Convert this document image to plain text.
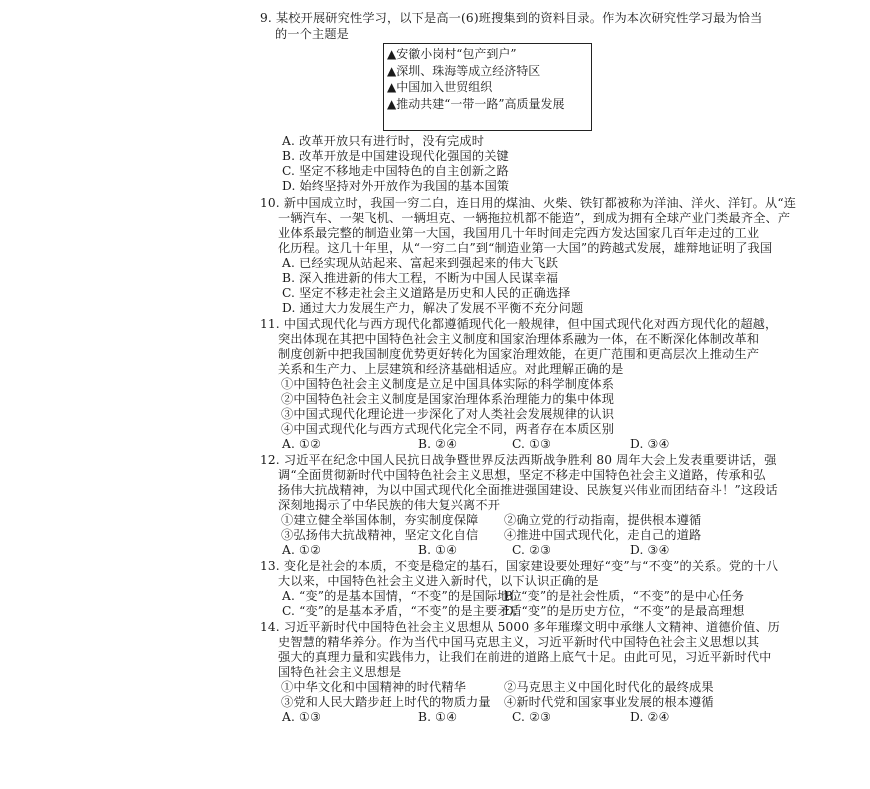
9. 某校开展研究性学习，以下是高一(6)班搜集到的资料目录。作为本次研究性学习最为恰当
的一个主题是
▲安徽小岗村“包产到户”
▲深圳、珠海等成立经济特区
▲中国加入世贸组织
▲推动共建“一带一路”高质量发展
A. 改革开放只有进行时，没有完成时
B. 改革开放是中国建设现代化强国的关键
C. 坚定不移地走中国特色的自主创新之路
D. 始终坚持对外开放作为我国的基本国策
10. 新中国成立时，我国一穷二白，连日用的煤油、火柴、铁钉都被称为洋油、洋火、洋钉。从“连
一辆汽车、一架飞机、一辆坦克、一辆拖拉机都不能造”，到成为拥有全球产业门类最齐全、产
业体系最完整的制造业第一大国，我国用几十年时间走完西方发达国家几百年走过的工业
化历程。这几十年里，从“一穷二白”到“制造业第一大国”的跨越式发展，雄辩地证明了我国
A. 已经实现从站起来、富起来到强起来的伟大飞跃
B. 深入推进新的伟大工程，不断为中国人民谋幸福
C. 坚定不移走社会主义道路是历史和人民的正确选择
D. 通过大力发展生产力，解决了发展不平衡不充分问题
11. 中国式现代化与西方现代化都遵循现代化一般规律，但中国式现代化对西方现代化的超越，
突出体现在其把中国特色社会主义制度和国家治理体系融为一体，在不断深化体制改革和
制度创新中把我国制度优势更好转化为国家治理效能，在更广范围和更高层次上推动生产
关系和生产力、上层建筑和经济基础相适应。对此理解正确的是
①中国特色社会主义制度是立足中国具体实际的科学制度体系
②中国特色社会主义制度是国家治理体系治理能力的集中体现
③中国式现代化理论进一步深化了对人类社会发展规律的认识
④中国式现代化与西方式现代化完全不同，两者存在本质区别
A. ①②	B. ②④	C. ①③	D. ③④
12. 习近平在纪念中国人民抗日战争暨世界反法西斯战争胜利 80 周年大会上发表重要讲话，强
调“全面贯彻新时代中国特色社会主义思想，坚定不移走中国特色社会主义道路，传承和弘
扬伟大抗战精神，为以中国式现代化全面推进强国建设、民族复兴伟业而团结奋斗！”这段话
深刻地揭示了中华民族的伟大复兴离不开
①建立健全举国体制，夯实制度保障 ②确立党的行动指南，提供根本遵循
③弘扬伟大抗战精神，坚定文化自信 ④推进中国式现代化，走自己的道路
A. ①②	B. ①④	C. ②③	D. ③④
13. 变化是社会的本质，不变是稳定的基石，国家建设要处理好“变”与“不变”的关系。党的十八
大以来，中国特色社会主义进入新时代，以下认识正确的是
A. “变”的是基本国情，“不变”的是国际地位
B. “变”的是社会性质，“不变”的是中心任务
C. “变”的是基本矛盾，“不变”的是主要矛盾
D. “变”的是历史方位，“不变”的是最高理想
14. 习近平新时代中国特色社会主义思想从 5000 多年璀璨文明中承继人文精神、道德价值、历
史智慧的精华养分。作为当代中国马克思主义，习近平新时代中国特色社会主义思想以其
强大的真理力量和实践伟力，让我们在前进的道路上底气十足。由此可见，习近平新时代中
国特色社会主义思想是
①中华文化和中国精神的时代精华	②马克思主义中国化时代化的最终成果
③党和人民大踏步赶上时代的物质力量 ④新时代党和国家事业发展的根本遵循
A. ①③	B. ①④	C. ②③	D. ②④
